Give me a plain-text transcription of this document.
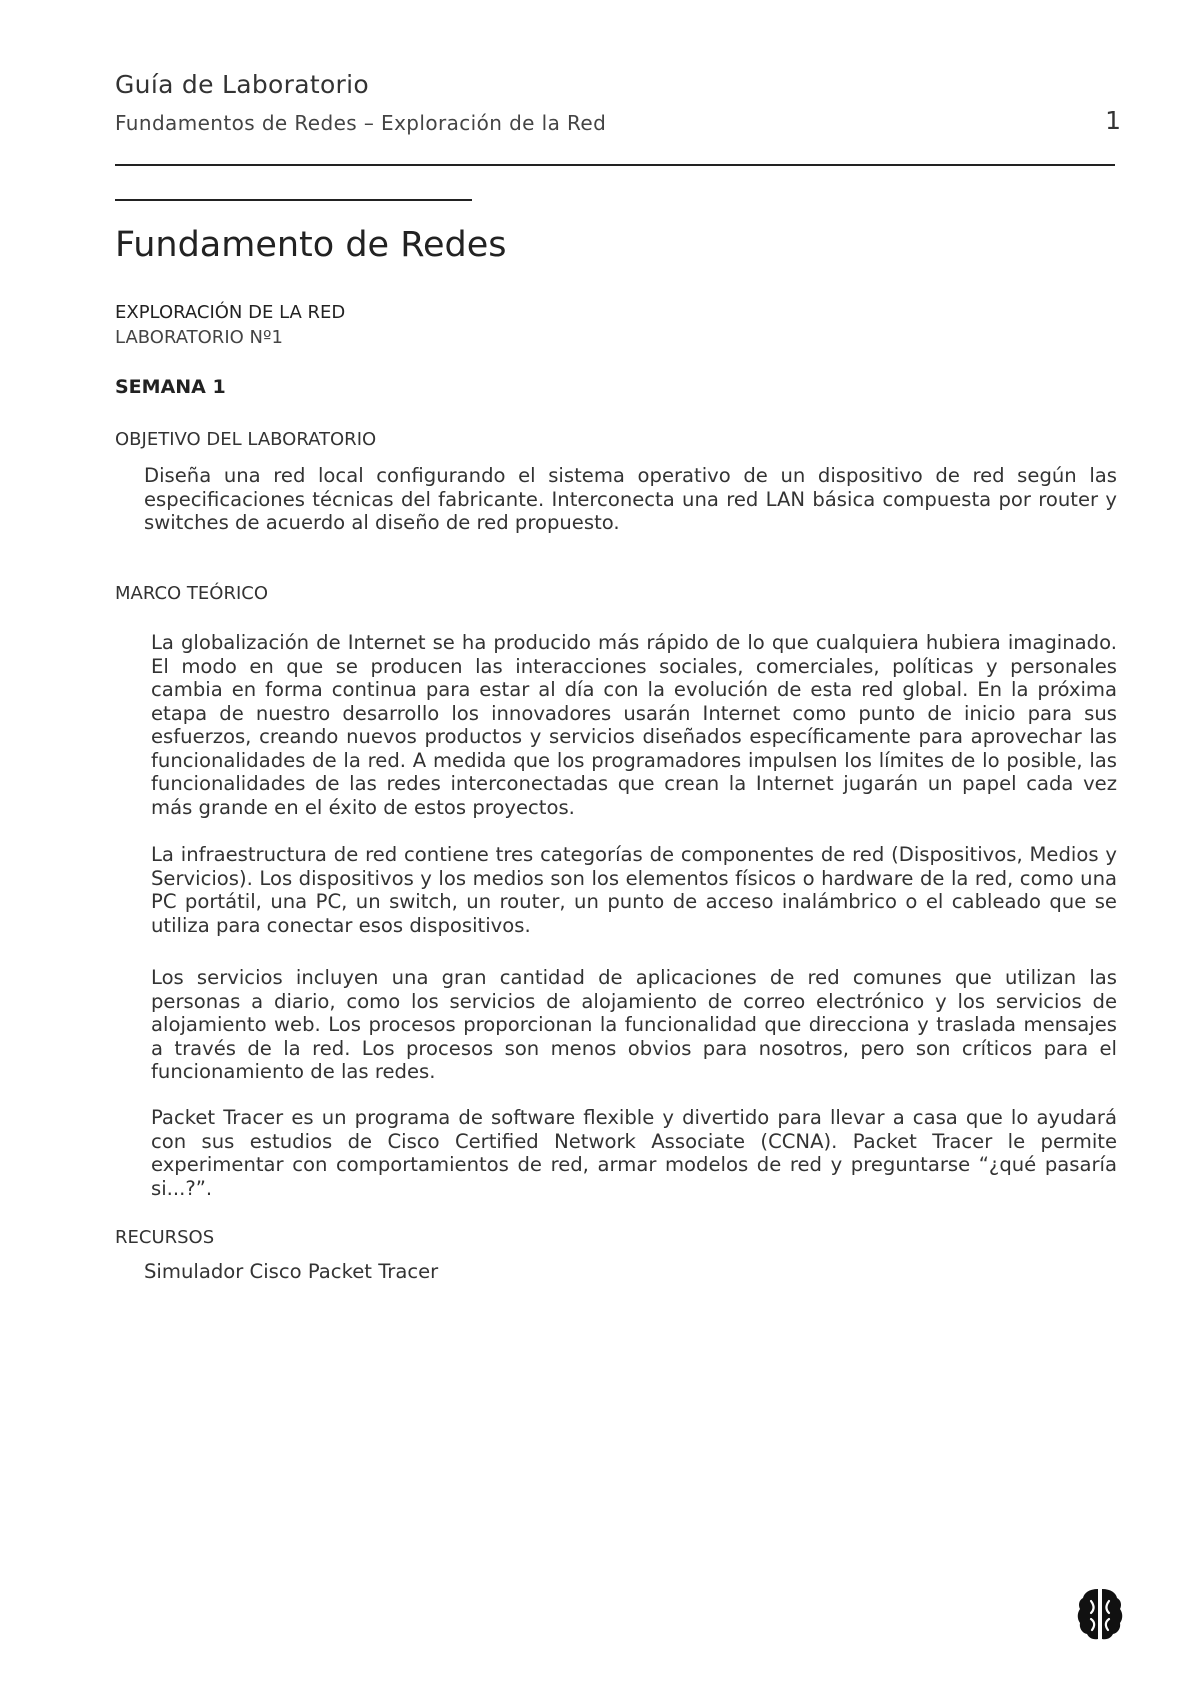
Guía de Laboratorio
Fundamentos de Redes – Exploración de la Red	1
Fundamento de Redes
EXPLORACIÓN DE LA RED
LABORATORIO Nº1
SEMANA 1
OBJETIVO DEL LABORATORIO

Diseña una red local configurando el sistema operativo de un dispositivo de red según las especificaciones técnicas del fabricante. Interconecta una red LAN básica compuesta por router y switches de acuerdo al diseño de red propuesto.

MARCO TEÓRICO

La globalización de Internet se ha producido más rápido de lo que cualquiera hubiera imaginado. El modo en que se producen las interacciones sociales, comerciales, políticas y personales cambia en forma continua para estar al día con la evolución de esta red global. En la próxima etapa de nuestro desarrollo los innovadores usarán Internet como punto de inicio para sus esfuerzos, creando nuevos productos y servicios diseñados específicamente para aprovechar las funcionalidades de la red. A medida que los programadores impulsen los límites de lo posible, las funcionalidades de las redes interconectadas que crean la Internet jugarán un papel cada vez más grande en el éxito de estos proyectos.

La infraestructura de red contiene tres categorías de componentes de red (Dispositivos, Medios y Servicios). Los dispositivos y los medios son los elementos físicos o hardware de la red, como una PC portátil, una PC, un switch, un router, un punto de acceso inalámbrico o el cableado que se utiliza para conectar esos dispositivos.

Los servicios incluyen una gran cantidad de aplicaciones de red comunes que utilizan las personas a diario, como los servicios de alojamiento de correo electrónico y los servicios de alojamiento web. Los procesos proporcionan la funcionalidad que direcciona y traslada mensajes a través de la red. Los procesos son menos obvios para nosotros, pero son críticos para el funcionamiento de las redes.

Packet Tracer es un programa de software flexible y divertido para llevar a casa que lo ayudará con sus estudios de Cisco Certified Network Associate (CCNA). Packet Tracer le permite experimentar con comportamientos de red, armar modelos de red y preguntarse “¿qué pasaría si...?”.

RECURSOS
Simulador Cisco Packet Tracer
